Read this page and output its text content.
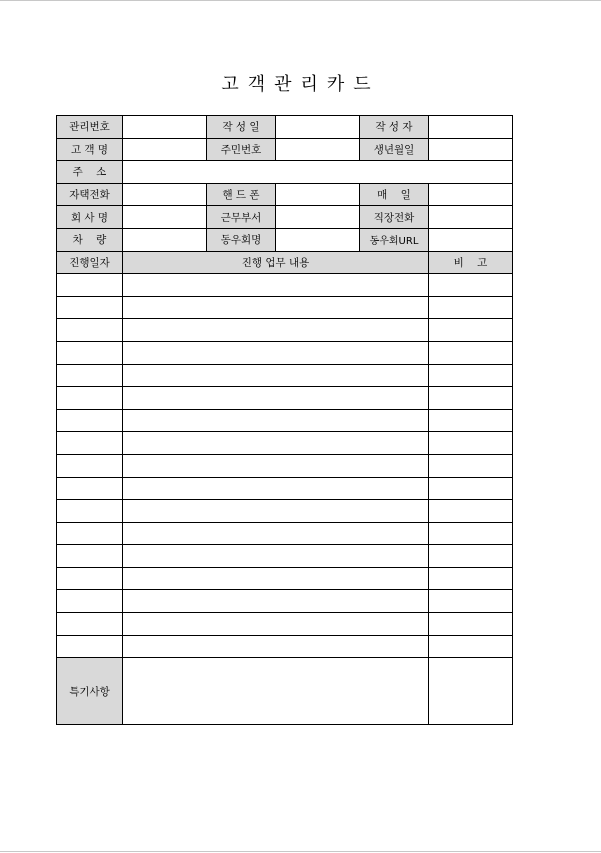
고객관리카드
관리번호		작 성 일		작 성 자	
고 객 명		주민번호		생년월일	
주    소					
자택전화		핸 드 폰		매    일	
회 사 명		근무부서		직장전화	
차    량		동우회명		동우회URL	
진행일자	진행 업무 내용				비    고

특기사항					
